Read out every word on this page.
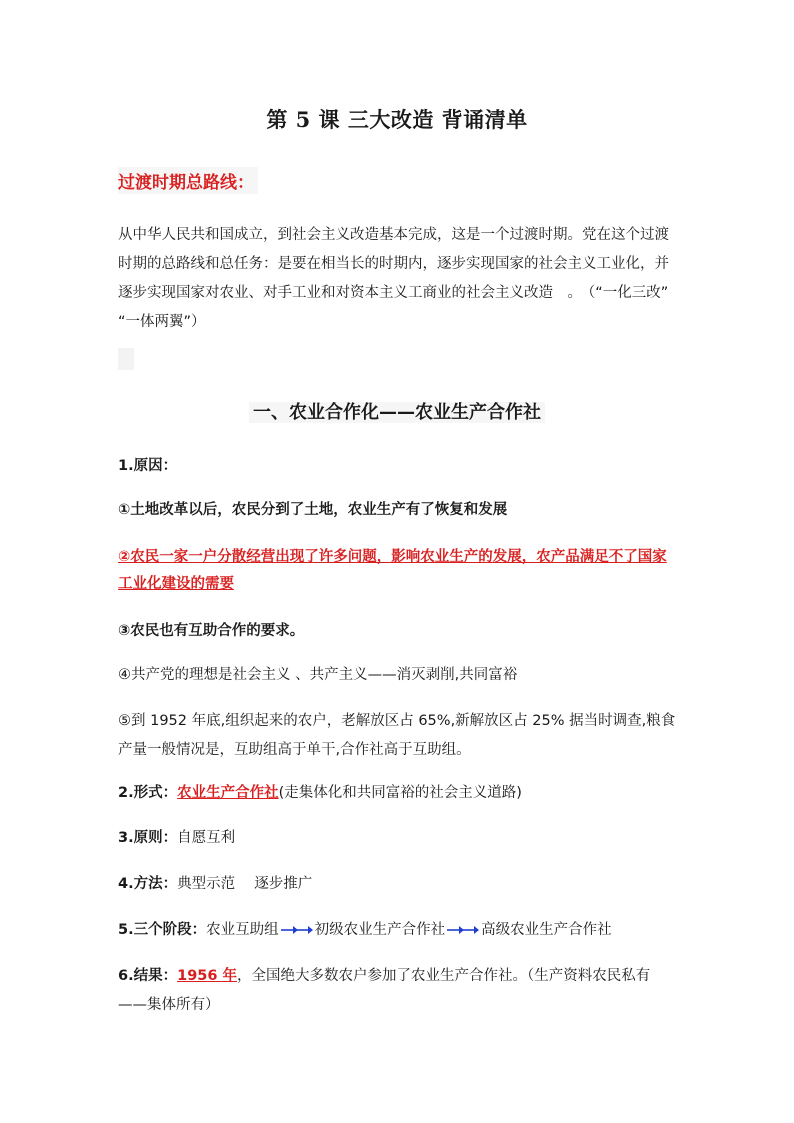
第 5 课 三大改造 背诵清单
过渡时期总路线：
从中华人民共和国成立，到社会主义改造基本完成，这是一个过渡时期。党在这个过渡时期的总路线和总任务：是要在相当长的时期内，逐步实现国家的社会主义工业化，并逐步实现国家对农业、对手工业和对资本主义工商业的社会主义改造　。 （“一化三改”　 “一体两翼”）
一、农业合作化——农业生产合作社
1.原因：
①土地改革以后，农民分到了土地，农业生产有了恢复和发展
②农民一家一户分散经营出现了许多问题，影响农业生产的发展，农产品满足不了国家工业化建设的需要
③农民也有互助合作的要求。
④共产党的理想是社会主义 、共产主义——消灭剥削,共同富裕
⑤到 1952 年底,组织起来的农户，老解放区占 65%,新解放区占 25% 据当时调查,粮食产量一般情况是，互助组高于单干,合作社高于互助组。
2.形式：农业生产合作社(走集体化和共同富裕的社会主义道路)
3.原则：自愿互利
4.方法：典型示范　 逐步推广
5.三个阶段：农业互助组 初级农业生产合作社 高级农业生产合作社
6.结果：1956 年，全国绝大多数农户参加了农业生产合作社。（生产资料农民私有——集体所有）
